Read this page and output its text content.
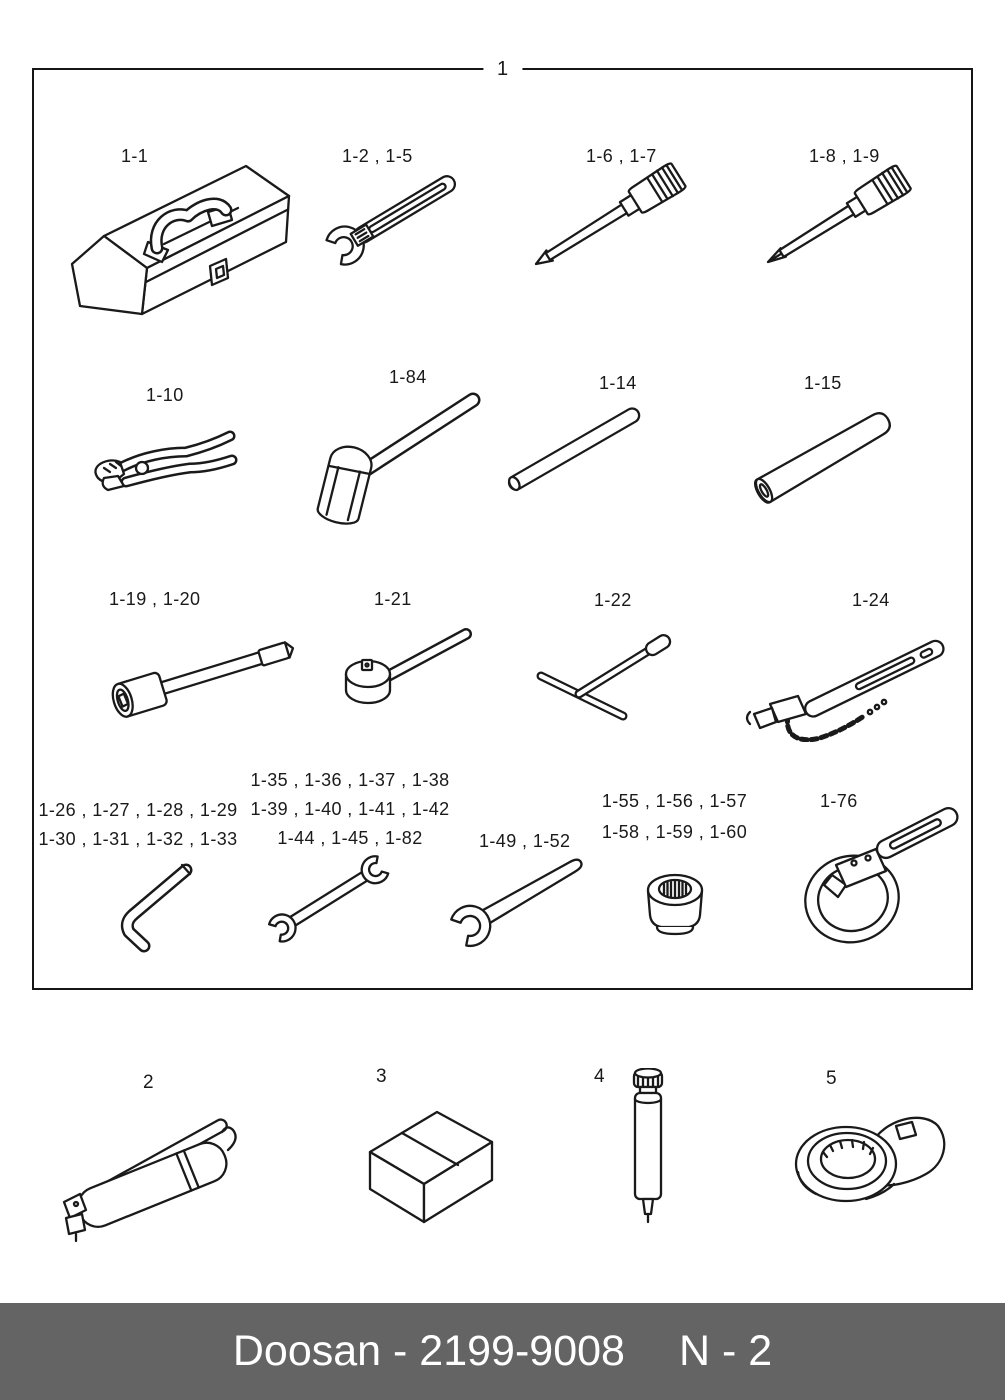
1
1-1	1-2 , 1-5	1-6 , 1-7	1-8 , 1-9
1-10
1-84	1-14	1-15
1-19 , 1-20	1-21	1-22	1-24
1-26 , 1-27 , 1-28 , 1-29
1-30 , 1-31 , 1-32 , 1-33
1-35 , 1-36 , 1-37 , 1-38
1-39 , 1-40 , 1-41 , 1-42
1-44 , 1-45 , 1-82	1-49 , 1-52
1-55 , 1-56 , 1-57
1-58 , 1-59 , 1-60
1-76
2	3	4	5
Doosan - 2199-9008 N - 2
